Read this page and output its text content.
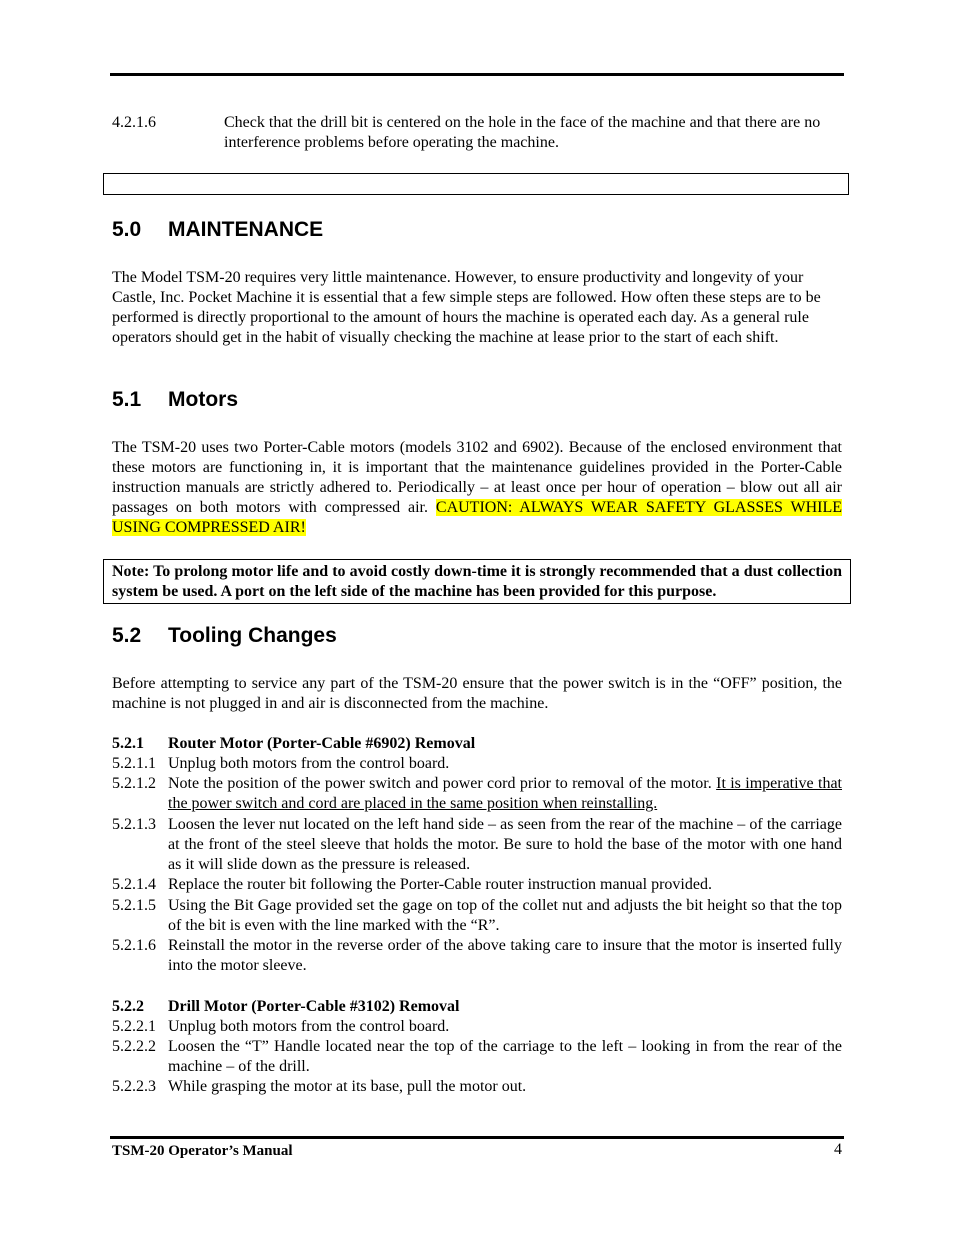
4.2.1.6	Check that the drill bit is centered on the hole in the face of the machine and that there are no interference problems before operating the machine.
5.0 MAINTENANCE

The Model TSM-20 requires very little maintenance. However, to ensure productivity and longevity of your Castle, Inc. Pocket Machine it is essential that a few simple steps are followed. How often these steps are to be performed is directly proportional to the amount of hours the machine is operated each day. As a general rule operators should get in the habit of visually checking the machine at lease prior to the start of each shift.

5.1 Motors

The TSM-20 uses two Porter-Cable motors (models 3102 and 6902). Because of the enclosed environment that these motors are functioning in, it is important that the maintenance guidelines provided in the Porter-Cable instruction manuals are strictly adhered to. Periodically – at least once per hour of operation – blow out all air passages on both motors with compressed air. CAUTION: ALWAYS WEAR SAFETY GLASSES WHILE USING COMPRESSED AIR!

Note: To prolong motor life and to avoid costly down-time it is strongly recommended that a dust collection system be used. A port on the left side of the machine has been provided for this purpose.
5.2 Tooling Changes

Before attempting to service any part of the TSM-20 ensure that the power switch is in the “OFF” position, the machine is not plugged in and air is disconnected from the machine.

5.2.1 Router Motor (Porter-Cable #6902) Removal
5.2.1.1 Unplug both motors from the control board.
5.2.1.2 Note the position of the power switch and power cord prior to removal of the motor. It is imperative that the power switch and cord are placed in the same position when reinstalling.
5.2.1.3 Loosen the lever nut located on the left hand side – as seen from the rear of the machine – of the carriage at the front of the steel sleeve that holds the motor. Be sure to hold the base of the motor with one hand as it will slide down as the pressure is released.
5.2.1.4 Replace the router bit following the Porter-Cable router instruction manual provided.
5.2.1.5 Using the Bit Gage provided set the gage on top of the collet nut and adjusts the bit height so that the top of the bit is even with the line marked with the “R”.
5.2.1.6 Reinstall the motor in the reverse order of the above taking care to insure that the motor is inserted fully into the motor sleeve.
5.2.2 Drill Motor (Porter-Cable #3102) Removal
5.2.2.1 Unplug both motors from the control board.
5.2.2.2 Loosen the “T” Handle located near the top of the carriage to the left – looking in from the rear of the machine – of the drill.
5.2.2.3 While grasping the motor at its base, pull the motor out.
TSM-20 Operator’s Manual	4
